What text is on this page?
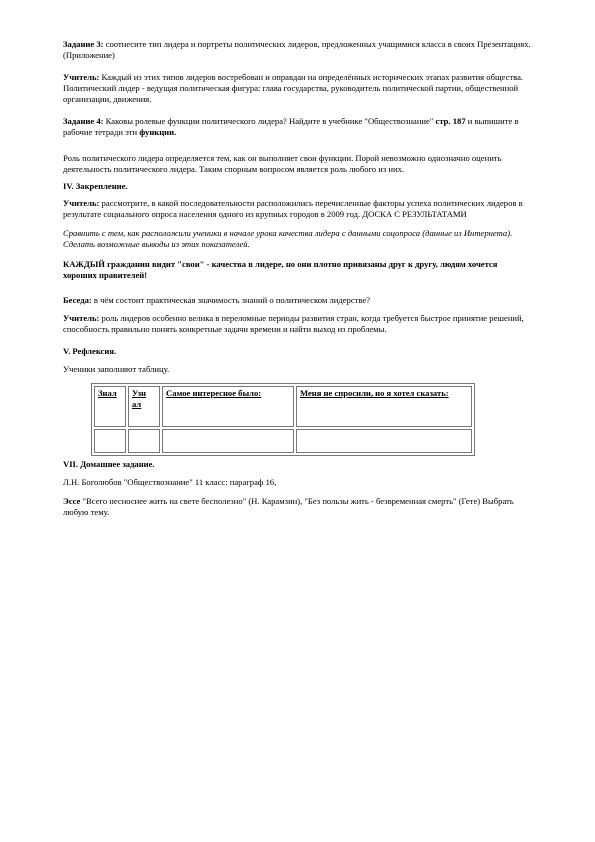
Задание 3: соотнесите тип лидера и портреты политических лидеров, предложенных учащимися класса в своих Презентациях. (Приложение)

Учитель: Каждый из этих типов лидеров востребован и оправдан на определённых исторических этапах развития общества. Политический лидер - ведущая политическая фигура: глава государства, руководитель политической партии, общественной организации, движения.

Задание 4: Каковы ролевые функции политического лидера? Найдите в учебнике "Обществознание" стр. 187 и выпишите в рабочие тетради эти функции.

Роль политического лидера определяется тем, как он выполняет свои функции. Порой невозможно однозначно оценить деятельность политического лидера. Таким спорным вопросом является роль любого из них.

IV. Закрепление.

Учитель: рассмотрите, в какой последовательности расположились перечисленные факторы успеха политических лидеров в результате социального опроса населения одного из крупных городов в 2009 год. ДОСКА С РЕЗУЛЬТАТАМИ

Сравнить с тем, как расположили ученики в начале урока качества лидера с данными соцопроса (данные из Интернета). Сделать возможные выводы из этих показателей.

КАЖДЫЙ гражданин видит "свои" - качества в лидере, но они плотно привязаны друг к другу, людям хочется хороших правителей!

Беседа: в чём состоит практическая значимость знаний о политическом лидерстве?

Учитель: роль лидеров особенно велика в переломные периоды развития стран, когда требуется быстрое принятие решений, способность правильно понять конкретные задачи времени и найти выход из проблемы.

V. Рефлексия.

Ученики заполняют таблицу.

Знал	Узн ал	Самое интересное было:	Меня не спросили, но я хотел сказать:

VII. Домашнее задание.

Л.Н. Боголюбов "Обществознание" 11 класс: параграф 16,

Эссе "Всего несноснее жить на свете бесполезно" (Н. Карамзин), "Без пользы жить - безвременная смерть" (Гете) Выбрать любую тему.
